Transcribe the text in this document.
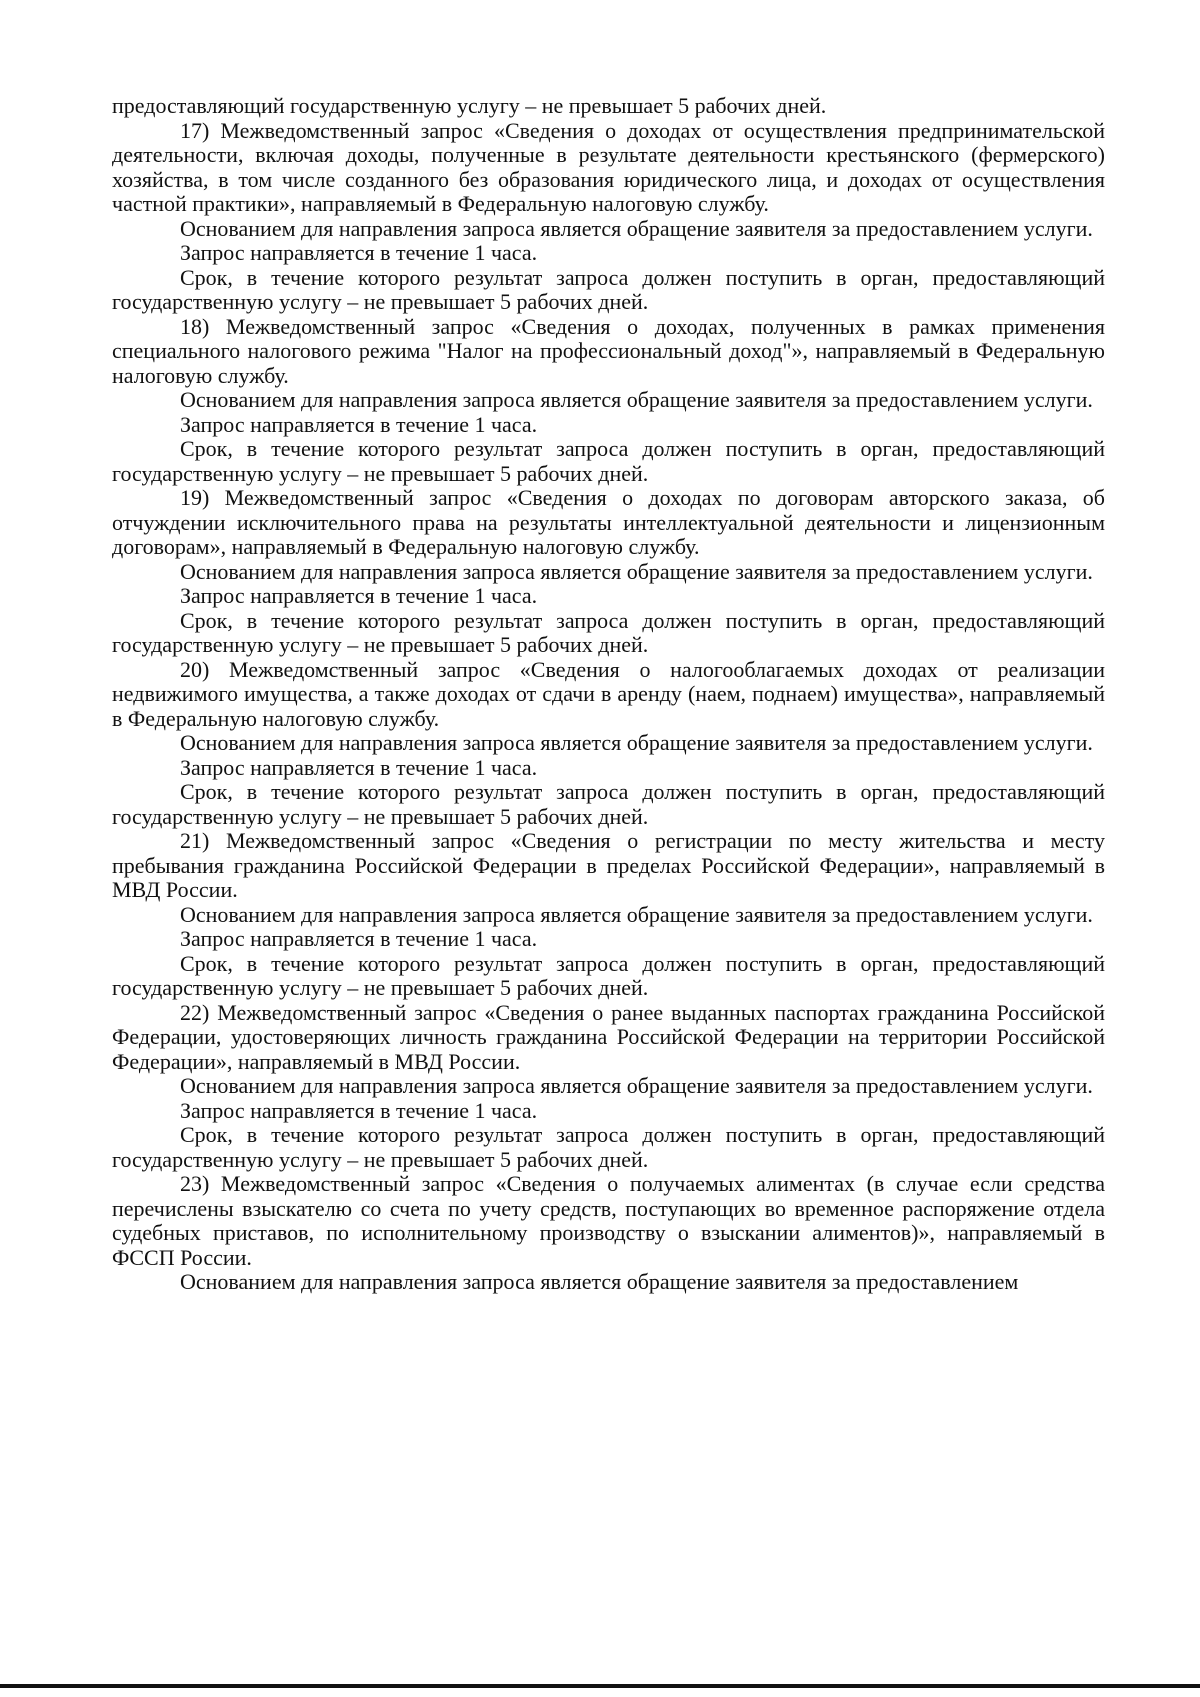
предоставляющий государственную услугу – не превышает 5 рабочих дней.

17) Межведомственный запрос «Сведения о доходах от осуществления предпринимательской деятельности, включая доходы, полученные в результате деятельности крестьянского (фермерского) хозяйства, в том числе созданного без образования юридического лица, и доходах от осуществления частной практики», направляемый в Федеральную налоговую службу.

Основанием для направления запроса является обращение заявителя за предоставлением услуги.

Запрос направляется в течение 1 часа.

Срок, в течение которого результат запроса должен поступить в орган, предоставляющий государственную услугу – не превышает 5 рабочих дней.

18) Межведомственный запрос «Сведения о доходах, полученных в рамках применения специального налогового режима "Налог на профессиональный доход"», направляемый в Федеральную налоговую службу.

Основанием для направления запроса является обращение заявителя за предоставлением услуги.

Запрос направляется в течение 1 часа.

Срок, в течение которого результат запроса должен поступить в орган, предоставляющий государственную услугу – не превышает 5 рабочих дней.

19) Межведомственный запрос «Сведения о доходах по договорам авторского заказа, об отчуждении исключительного права на результаты интеллектуальной деятельности и лицензионным договорам», направляемый в Федеральную налоговую службу.

Основанием для направления запроса является обращение заявителя за предоставлением услуги.

Запрос направляется в течение 1 часа.

Срок, в течение которого результат запроса должен поступить в орган, предоставляющий государственную услугу – не превышает 5 рабочих дней.

20) Межведомственный запрос «Сведения о налогооблагаемых доходах от реализации недвижимого имущества, а также доходах от сдачи в аренду (наем, поднаем) имущества», направляемый в Федеральную налоговую службу.

Основанием для направления запроса является обращение заявителя за предоставлением услуги.

Запрос направляется в течение 1 часа.

Срок, в течение которого результат запроса должен поступить в орган, предоставляющий государственную услугу – не превышает 5 рабочих дней.

21) Межведомственный запрос «Сведения о регистрации по месту жительства и месту пребывания гражданина Российской Федерации в пределах Российской Федерации», направляемый в МВД России.

Основанием для направления запроса является обращение заявителя за предоставлением услуги.

Запрос направляется в течение 1 часа.

Срок, в течение которого результат запроса должен поступить в орган, предоставляющий государственную услугу – не превышает 5 рабочих дней.

22) Межведомственный запрос «Сведения о ранее выданных паспортах гражданина Российской Федерации, удостоверяющих личность гражданина Российской Федерации на территории Российской Федерации», направляемый в МВД России.

Основанием для направления запроса является обращение заявителя за предоставлением услуги.

Запрос направляется в течение 1 часа.

Срок, в течение которого результат запроса должен поступить в орган, предоставляющий государственную услугу – не превышает 5 рабочих дней.

23) Межведомственный запрос «Сведения о получаемых алиментах (в случае если средства перечислены взыскателю со счета по учету средств, поступающих во временное распоряжение отдела судебных приставов, по исполнительному производству о взыскании алиментов)», направляемый в ФССП России.

Основанием для направления запроса является обращение заявителя за предоставлением
